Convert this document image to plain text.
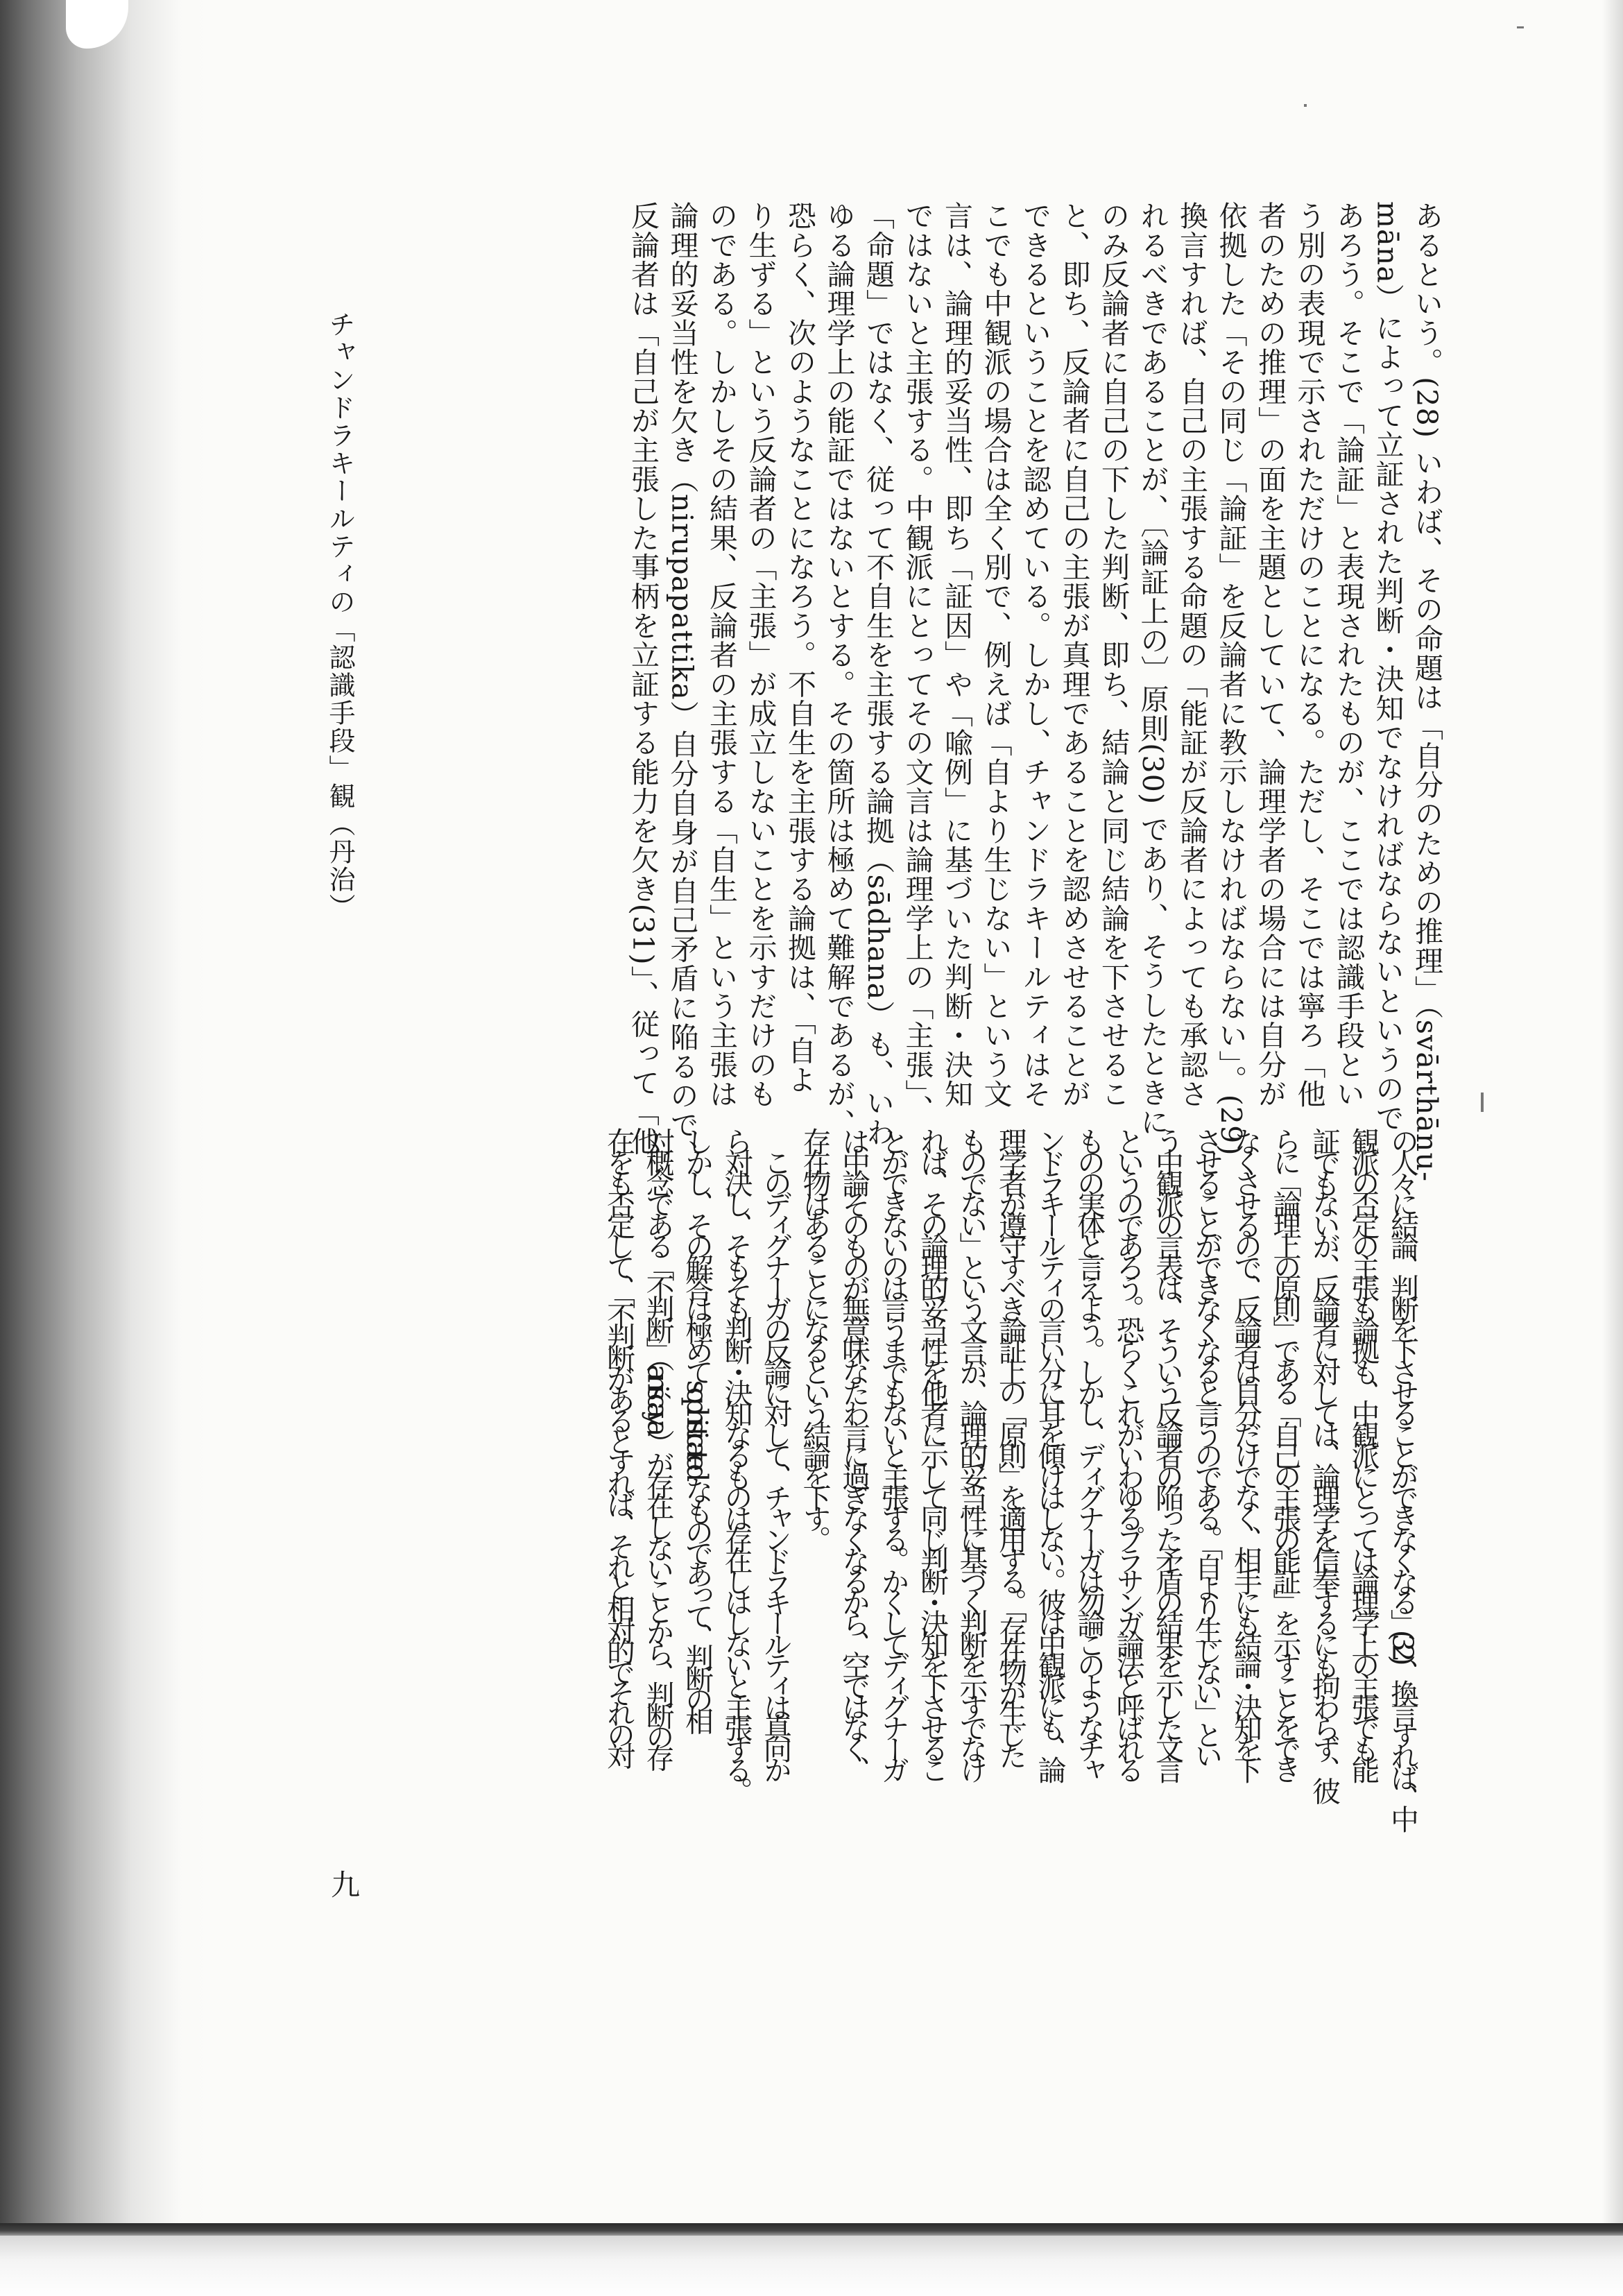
あるという。(28) いわば、その命題は「自分のための推理」（svārthānu-
māna）によって立証された判断・決知でなければならないというので
あろう。そこで「論証」と表現されたものが、ここでは認識手段とい
う別の表現で示されただけのことになる。ただし、そこでは寧ろ「他
者のための推理」の面を主題としていて、論理学者の場合には自分が
依拠した「その同じ「論証」を反論者に教示しなければならない」。(29)
換言すれば、自己の主張する命題の「能証が反論者によっても承認さ
れるべきであることが、〔論証上の〕原則(30) であり、そうしたときに
のみ反論者に自己の下した判断、即ち、結論と同じ結論を下させるこ
と、即ち、反論者に自己の主張が真理であることを認めさせることが
できるということを認めている。しかし、チャンドラキールティはそ
こでも中観派の場合は全く別で、例えば「自より生じない」という文
言は、論理的妥当性、即ち「証因」や「喩例」に基づいた判断・決知
ではないと主張する。中観派にとってその文言は論理学上の「主張」、
「命題」ではなく、従って不自生を主張する論拠（sādhana）も、いわ
ゆる論理学上の能証ではないとする。その箇所は極めて難解であるが、
恐らく、次のようなことになろう。不自生を主張する論拠は、「自よ
り生ずる」という反論者の「主張」が成立しないことを示すだけのも
のである。しかしその結果、反論者の主張する「自生」という主張は
論理的妥当性を欠き（nirupapattika）自分自身が自己矛盾に陥るので、
反論者は「自己が主張した事柄を立証する能力を欠き(31)」、従って「他
の人々に結論、判断を下させることができなくなる」(32)、換言すれば、中
観派の否定の主張も論拠も、中観派にとっては論理学上の主張でも能
証でもないが、反論者に対しては、論理学を信奉するにも拘わらず、彼
らに「論理上の原則」である「自己の主張の能証」を示すことをでき
なくさせるので、反論者は自分だけでなく、相手にも結論・決知を下
させることができなくなると言うのである。「自より生じない」とい
う中観派の言表は、そういう反論者の陥った矛盾の結果を示した文言
というのであろう。恐らくこれがいわゆるプラサンガ論法と呼ばれる
ものの実体と言えよう。しかし、ディグナーガは勿論このようなチャ
ンドラキールティの言い分に耳を傾けはしない。彼は中観派にも、論
理学者が遵守すべき論証上の「原則」を適用する。「存在物が生じた
ものでない」という文言が、論理的妥当性に基づく判断を示すでなけ
れば、その論理的妥当性を他者に示して同じ判断・決知を下させるこ
とができないのは言うまでもないと主張する。かくしてディグナーガ
は中論そのものが無意味なたわ言に過ぎなくなるから、空ではなく、
存在物はあることになるという結論を下す。
　このディグナーガの反論に対して、チャンドラキールティは真向か
ら対決し、そもそも判断・決知なるものは存在しはしないと主張する。
しかし、その解答は極めて sophisticated なものであって、判断の相
対概念である「不判断」（aniścaya）が存在しないことから、判断の存
在をも否定して、「不判断があるとすれば、それと相対的でそれの対
チャンドラキールティの「認識手段」観（丹治）
九
